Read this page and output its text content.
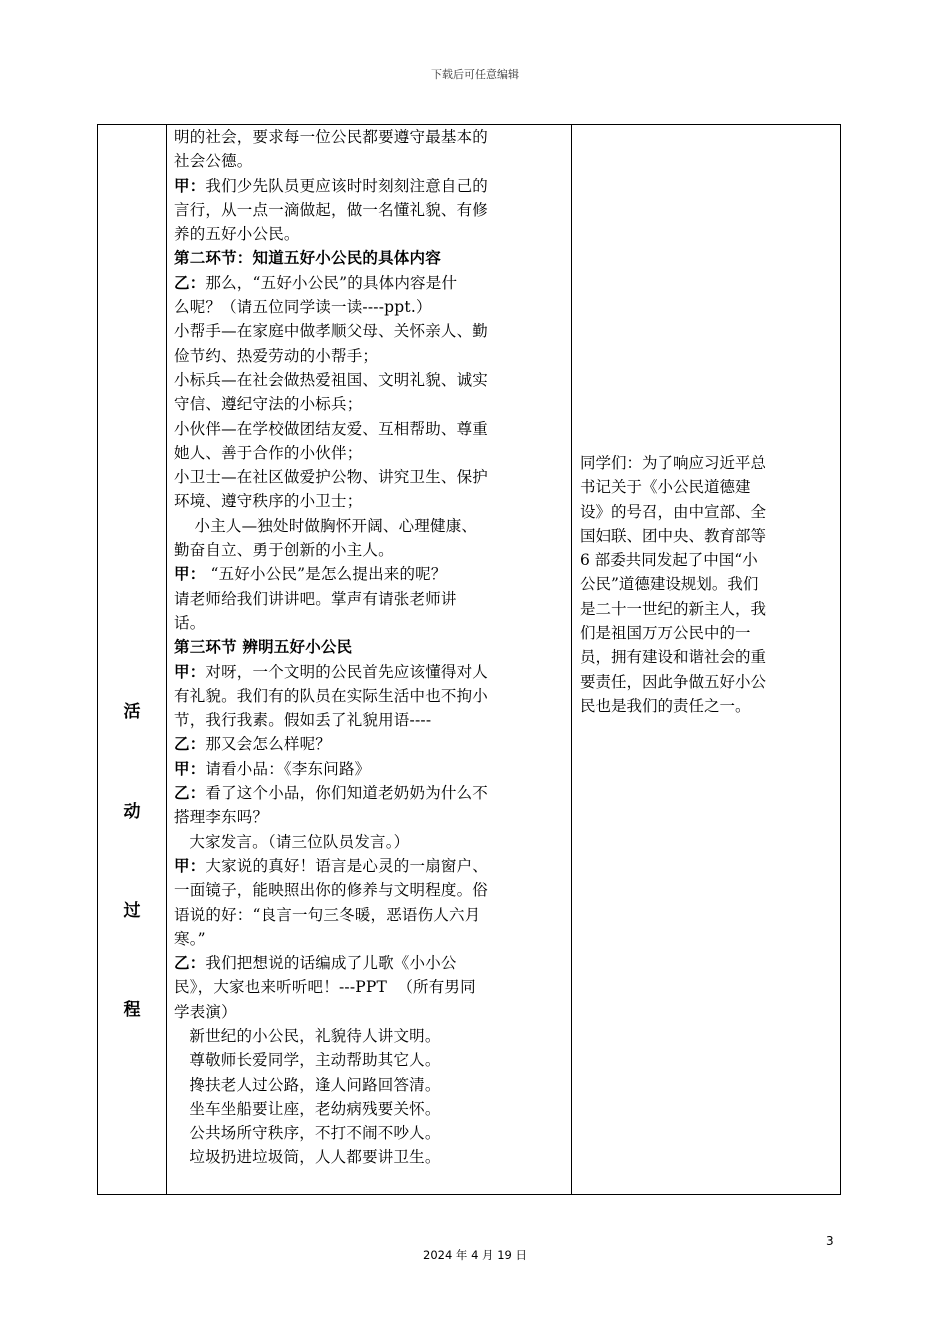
下载后可任意编辑
活
动
过
程
明的社会，要求每一位公民都要遵守最基本的
社会公德。
甲：我们少先队员更应该时时刻刻注意自己的
言行，从一点一滴做起，做一名懂礼貌、有修
养的五好小公民。
第二环节：知道五好小公民的具体内容
乙：那么，“五好小公民”的具体内容是什
么呢？（请五位同学读一读----ppt.）
小帮手—在家庭中做孝顺父母、关怀亲人、勤
俭节约、热爱劳动的小帮手；
小标兵—在社会做热爱祖国、文明礼貌、诚实
守信、遵纪守法的小标兵；
小伙伴—在学校做团结友爱、互相帮助、尊重
她人、善于合作的小伙伴；
小卫士—在社区做爱护公物、讲究卫生、保护
环境、遵守秩序的小卫士；
小主人—独处时做胸怀开阔、心理健康、
勤奋自立、勇于创新的小主人。
甲： “五好小公民”是怎么提出来的呢？
请老师给我们讲讲吧。掌声有请张老师讲
话。
第三环节 辨明五好小公民
甲：对呀，一个文明的公民首先应该懂得对人
有礼貌。我们有的队员在实际生活中也不拘小
节，我行我素。假如丢了礼貌用语----
乙：那又会怎么样呢？
甲：请看小品：《李东问路》
乙：看了这个小品，你们知道老奶奶为什么不
搭理李东吗？
大家发言。（请三位队员发言。）
甲：大家说的真好！语言是心灵的一扇窗户、
一面镜子，能映照出你的修养与文明程度。俗
语说的好：“良言一句三冬暖，恶语伤人六月
寒。”
乙：我们把想说的话编成了儿歌《小小公
民》，大家也来听听吧！---PPT  （所有男同
学表演）
新世纪的小公民，礼貌待人讲文明。
尊敬师长爱同学，主动帮助其它人。
搀扶老人过公路，逢人问路回答清。
坐车坐船要让座，老幼病残要关怀。
公共场所守秩序，不打不闹不吵人。
垃圾扔进垃圾筒，人人都要讲卫生。
同学们：为了响应习近平总
书记关于《小公民道德建
设》的号召，由中宣部、全
国妇联、团中央、教育部等
6 部委共同发起了中国“小
公民”道德建设规划。我们
是二十一世纪的新主人，我
们是祖国万万公民中的一
员，拥有建设和谐社会的重
要责任，因此争做五好小公
民也是我们的责任之一。
3
2024 年 4 月 19 日
